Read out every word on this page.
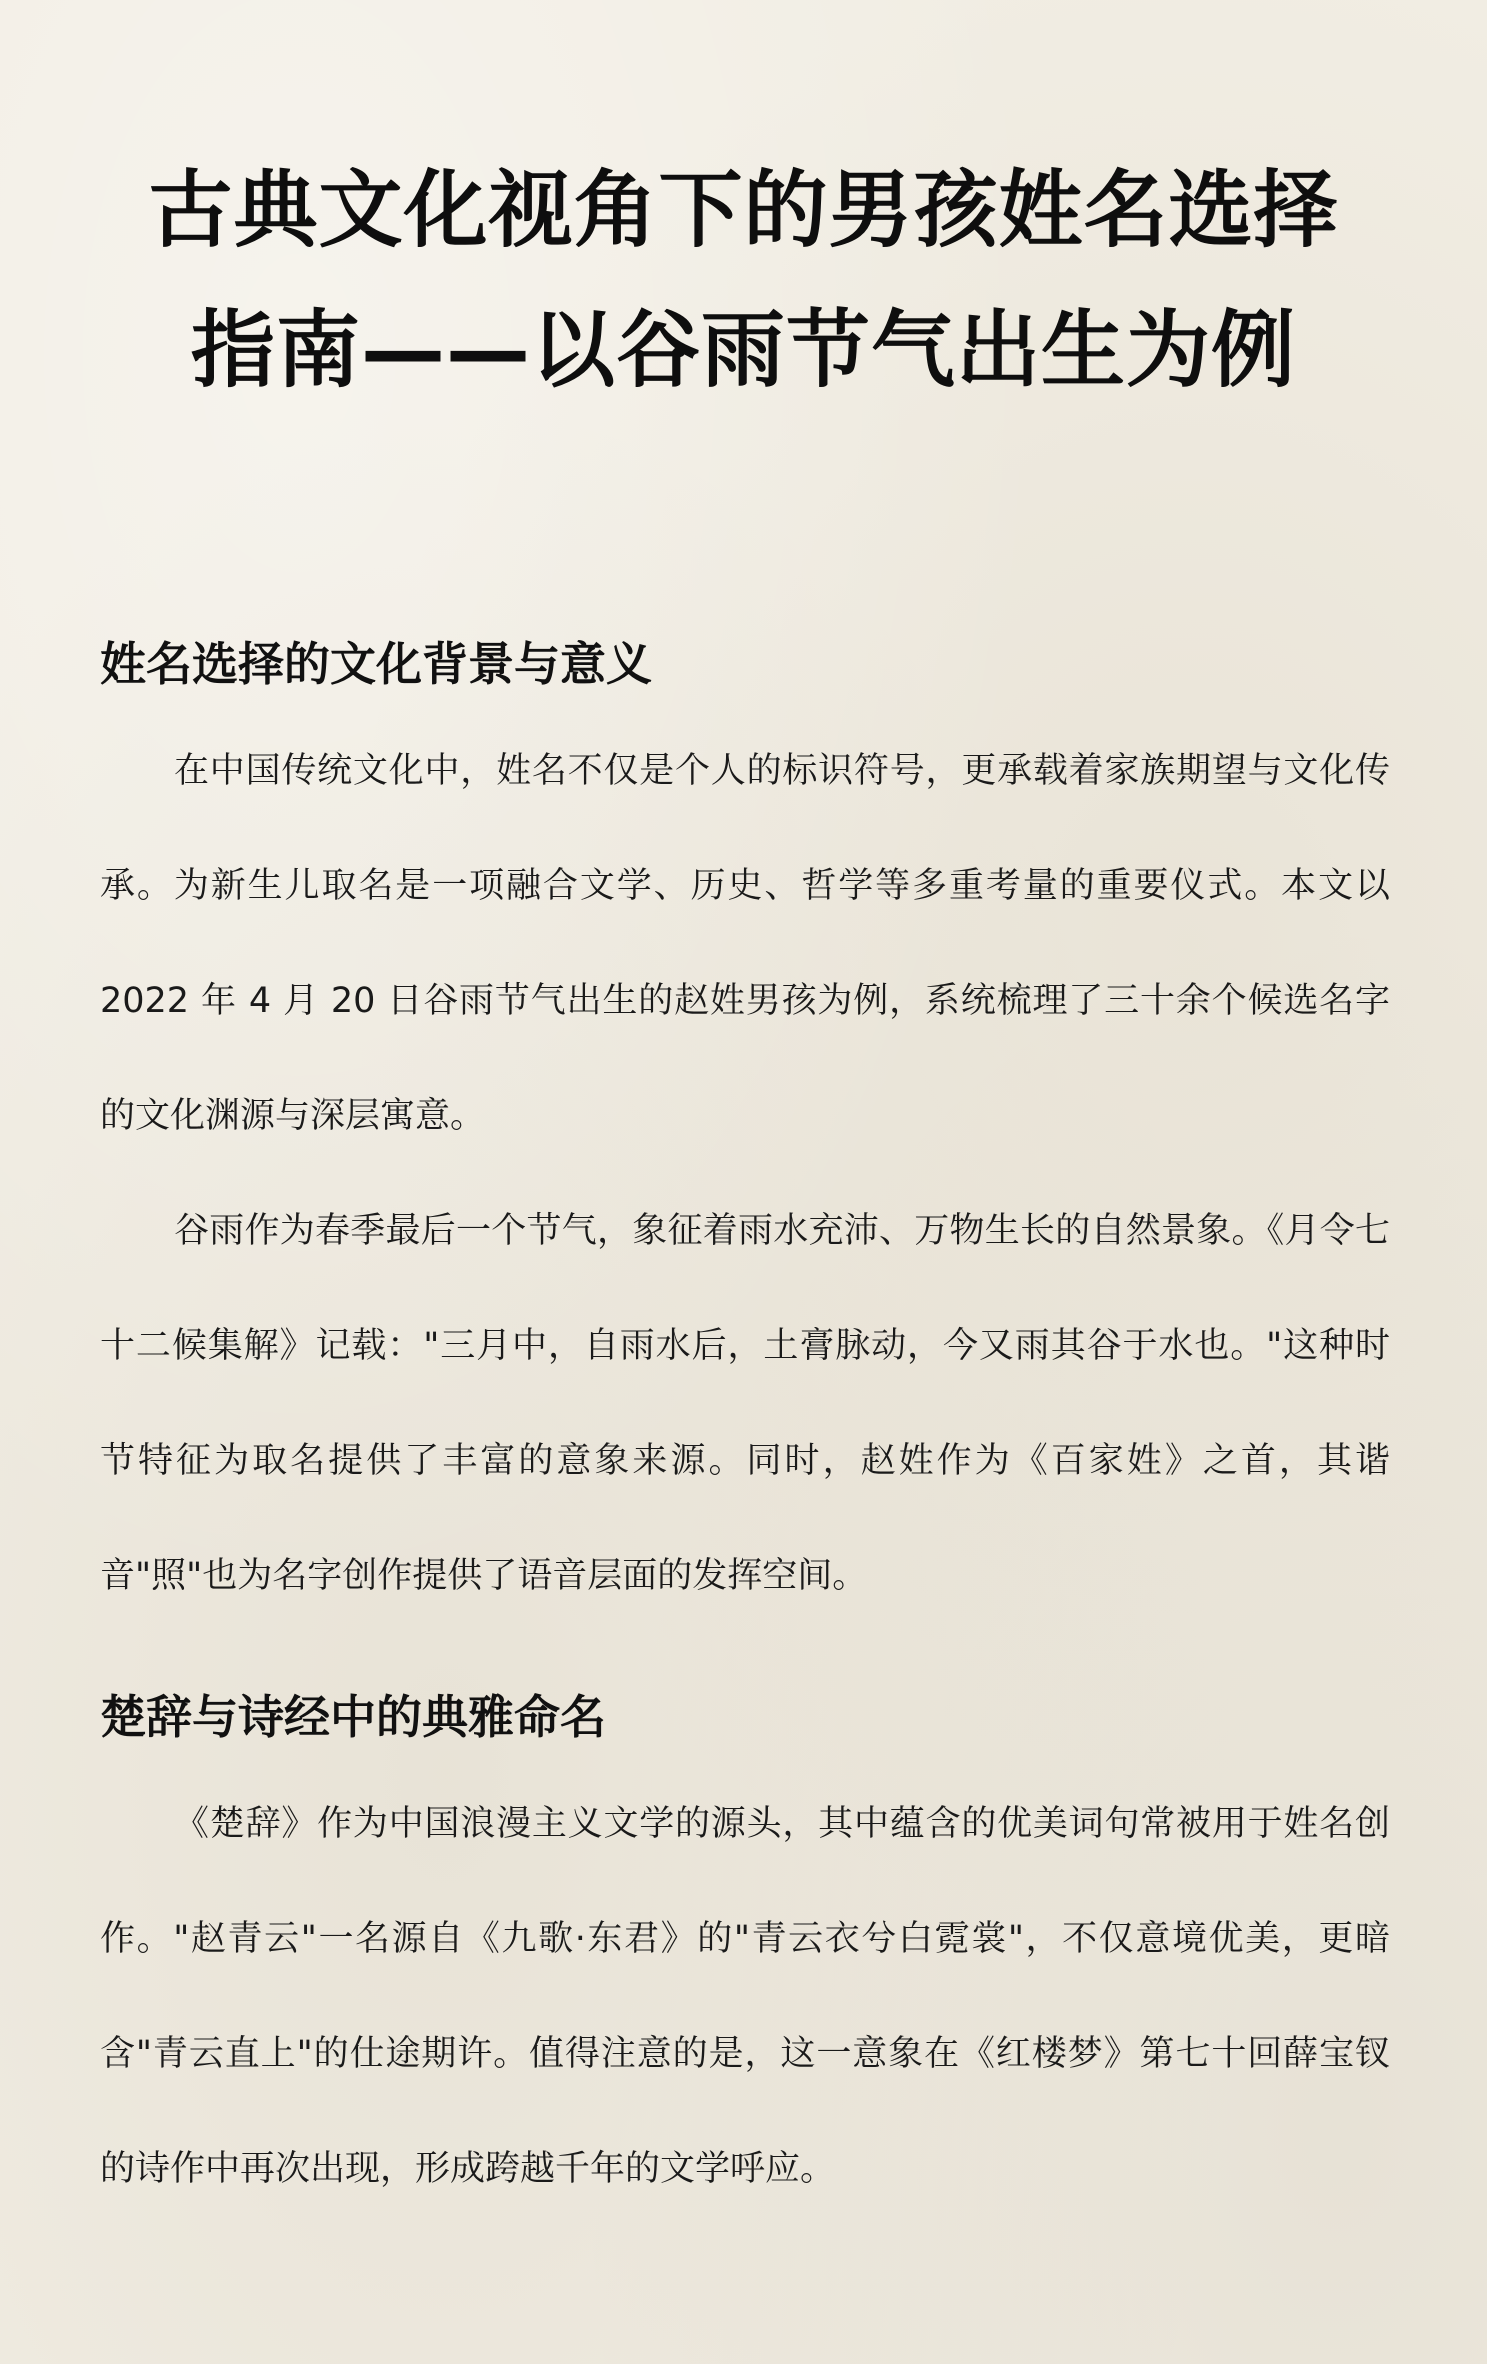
古典文化视角下的男孩姓名选择指南——以谷雨节气出生为例
姓名选择的文化背景与意义

在中国传统文化中，姓名不仅是个人的标识符号，更承载着家族期望与文化传承。为新生儿取名是一项融合文学、历史、哲学等多重考量的重要仪式。本文以 2022 年 4 月 20 日谷雨节气出生的赵姓男孩为例，系统梳理了三十余个候选名字的文化渊源与深层寓意。

谷雨作为春季最后一个节气，象征着雨水充沛、万物生长的自然景象。《月令七十二候集解》记载："三月中，自雨水后，土膏脉动，今又雨其谷于水也。"这种时节特征为取名提供了丰富的意象来源。同时，赵姓作为《百家姓》之首，其谐音"照"也为名字创作提供了语音层面的发挥空间。

楚辞与诗经中的典雅命名

《楚辞》作为中国浪漫主义文学的源头，其中蕴含的优美词句常被用于姓名创作。"赵青云"一名源自《九歌·东君》的"青云衣兮白霓裳"，不仅意境优美，更暗含"青云直上"的仕途期许。值得注意的是，这一意象在《红楼梦》第七十回薛宝钗的诗作中再次出现，形成跨越千年的文学呼应。
